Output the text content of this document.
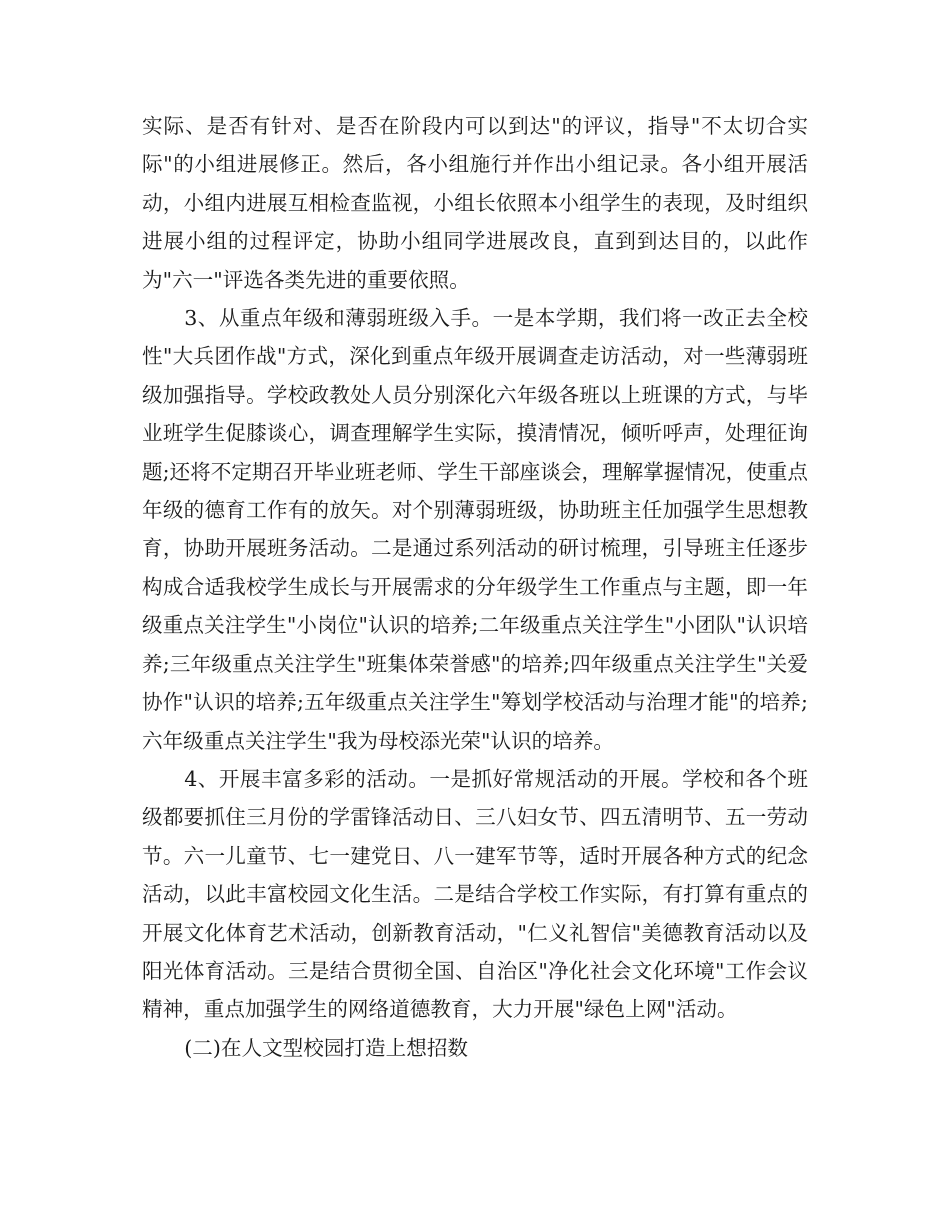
实际、是否有针对、是否在阶段内可以到达"的评议，指导"不太切合实际"的小组进展修正。然后，各小组施行并作出小组记录。各小组开展活动，小组内进展互相检查监视，小组长依照本小组学生的表现，及时组织进展小组的过程评定，协助小组同学进展改良，直到到达目的，以此作为"六一"评选各类先进的重要依照。

3、从重点年级和薄弱班级入手。一是本学期，我们将一改正去全校性"大兵团作战"方式，深化到重点年级开展调查走访活动，对一些薄弱班级加强指导。学校政教处人员分别深化六年级各班以上班课的方式，与毕业班学生促膝谈心，调查理解学生实际，摸清情况，倾听呼声，处理征询题;还将不定期召开毕业班老师、学生干部座谈会，理解掌握情况，使重点年级的德育工作有的放矢。对个别薄弱班级，协助班主任加强学生思想教育，协助开展班务活动。二是通过系列活动的研讨梳理，引导班主任逐步构成合适我校学生成长与开展需求的分年级学生工作重点与主题，即一年级重点关注学生"小岗位"认识的培养;二年级重点关注学生"小团队"认识培养;三年级重点关注学生"班集体荣誉感"的培养;四年级重点关注学生"关爱协作"认识的培养;五年级重点关注学生"筹划学校活动与治理才能"的培养;六年级重点关注学生"我为母校添光荣"认识的培养。

4、开展丰富多彩的活动。一是抓好常规活动的开展。学校和各个班级都要抓住三月份的学雷锋活动日、三八妇女节、四五清明节、五一劳动节。六一儿童节、七一建党日、八一建军节等，适时开展各种方式的纪念活动，以此丰富校园文化生活。二是结合学校工作实际，有打算有重点的开展文化体育艺术活动，创新教育活动，"仁义礼智信"美德教育活动以及阳光体育活动。三是结合贯彻全国、自治区"净化社会文化环境"工作会议精神，重点加强学生的网络道德教育，大力开展"绿色上网"活动。

(二)在人文型校园打造上想招数
